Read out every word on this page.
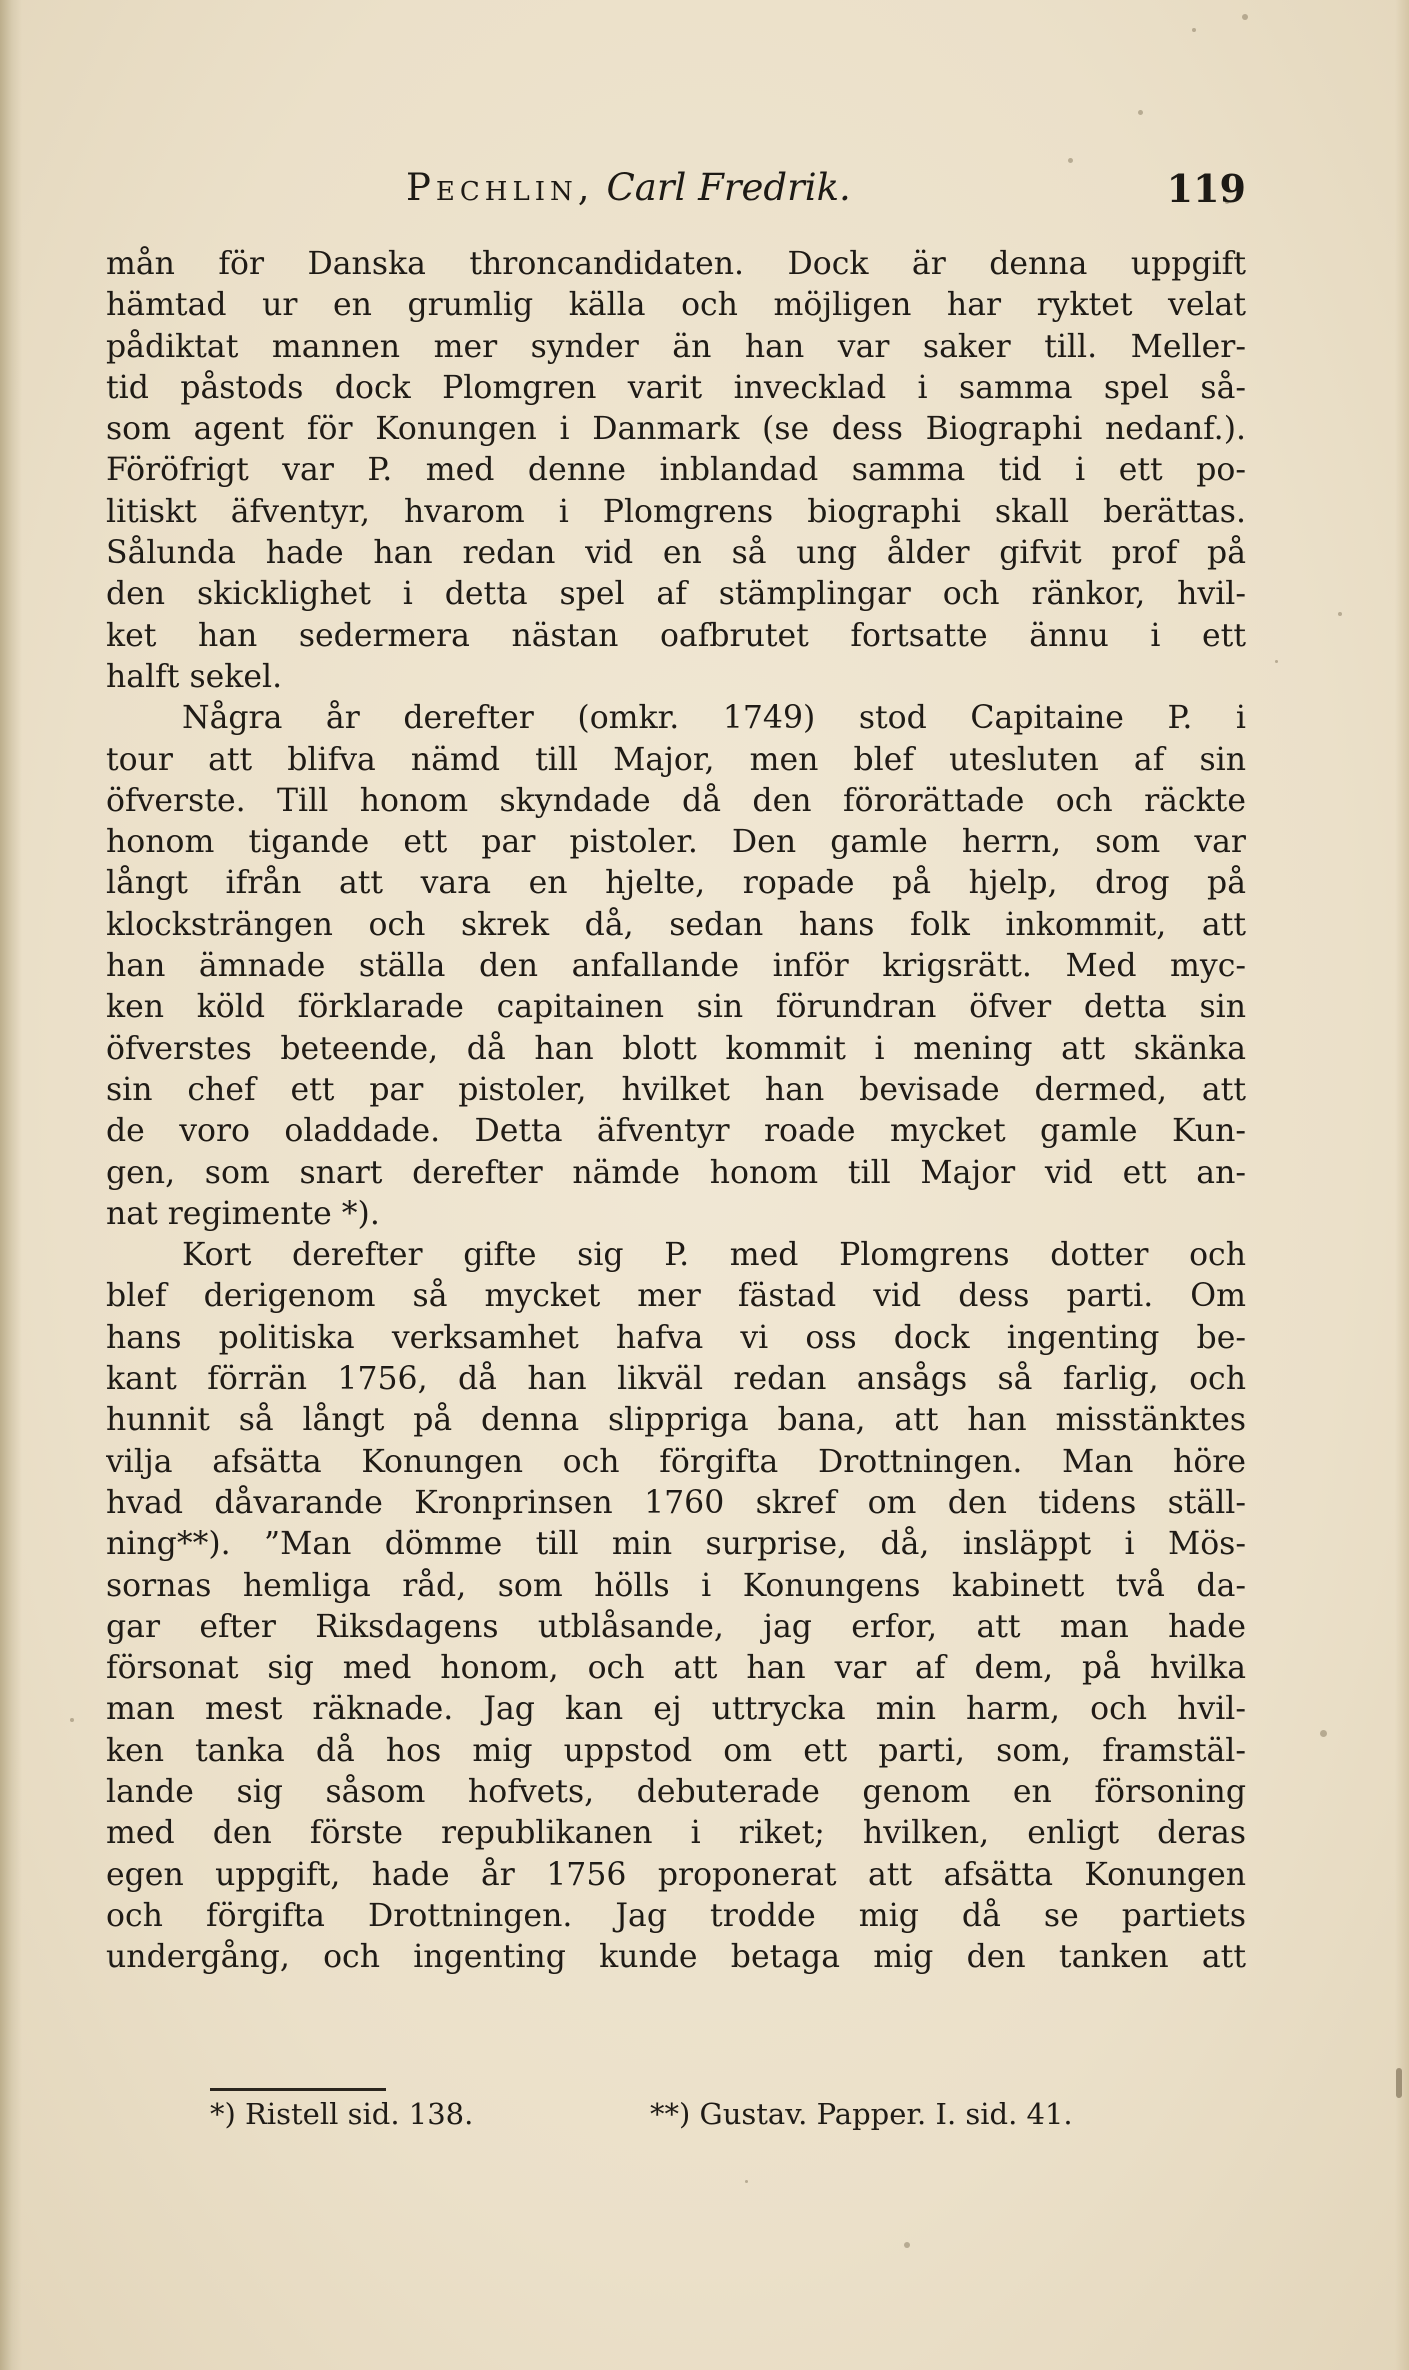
Pechlin, Carl Fredrik.	119
mån för Danska throncandidaten. Dock är denna uppgift
hämtad ur en grumlig källa och möjligen har ryktet velat
pådiktat mannen mer synder än han var saker till. Meller-
tid påstods dock Plomgren varit invecklad i samma spel så-
som agent för Konungen i Danmark (se dess Biographi nedanf.).
Föröfrigt var P. med denne inblandad samma tid i ett po-
litiskt äfventyr, hvarom i Plomgrens biographi skall berättas.
Sålunda hade han redan vid en så ung ålder gifvit prof på
den skicklighet i detta spel af stämplingar och ränkor, hvil-
ket han sedermera nästan oafbrutet fortsatte ännu i ett
halft sekel.
Några år derefter (omkr. 1749) stod Capitaine P. i
tour att blifva nämd till Major, men blef utesluten af sin
öfverste. Till honom skyndade då den förorättade och räckte
honom tigande ett par pistoler. Den gamle herrn, som var
långt ifrån att vara en hjelte, ropade på hjelp, drog på
klocksträngen och skrek då, sedan hans folk inkommit, att
han ämnade ställa den anfallande inför krigsrätt. Med myc-
ken köld förklarade capitainen sin förundran öfver detta sin
öfverstes beteende, då han blott kommit i mening att skänka
sin chef ett par pistoler, hvilket han bevisade dermed, att
de voro oladdade. Detta äfventyr roade mycket gamle Kun-
gen, som snart derefter nämde honom till Major vid ett an-
nat regimente *).
Kort derefter gifte sig P. med Plomgrens dotter och
blef derigenom så mycket mer fästad vid dess parti. Om
hans politiska verksamhet hafva vi oss dock ingenting be-
kant förrän 1756, då han likväl redan ansågs så farlig, och
hunnit så långt på denna slippriga bana, att han misstänktes
vilja afsätta Konungen och förgifta Drottningen. Man höre
hvad dåvarande Kronprinsen 1760 skref om den tidens ställ-
ning**). ”Man dömme till min surprise, då, insläppt i Mös-
sornas hemliga råd, som hölls i Konungens kabinett två da-
gar efter Riksdagens utblåsande, jag erfor, att man hade
försonat sig med honom, och att han var af dem, på hvilka
man mest räknade. Jag kan ej uttrycka min harm, och hvil-
ken tanka då hos mig uppstod om ett parti, som, framstäl-
lande sig såsom hofvets, debuterade genom en försoning
med den förste republikanen i riket; hvilken, enligt deras
egen uppgift, hade år 1756 proponerat att afsätta Konungen
och förgifta Drottningen. Jag trodde mig då se partiets
undergång, och ingenting kunde betaga mig den tanken att
*) Ristell sid. 138.	**) Gustav. Papper. I. sid. 41.
